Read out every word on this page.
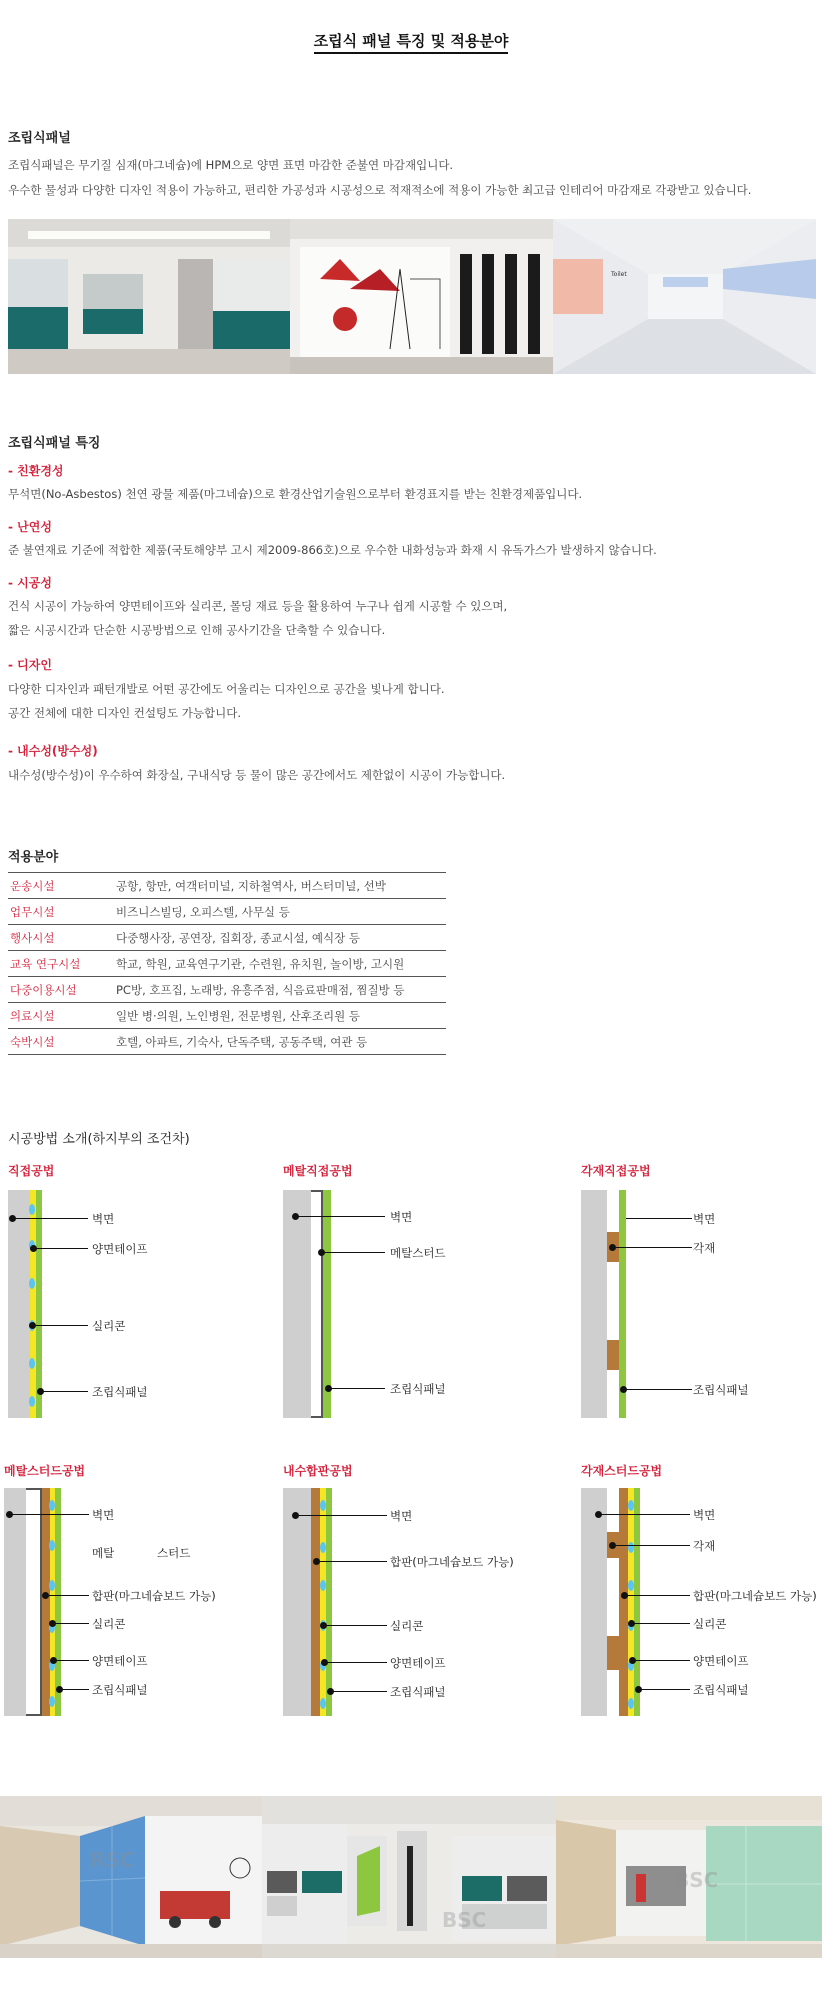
조립식 패널 특징 및 적용분야
조립식패널
조립식패널은 무기질 심재(마그네슘)에 HPM으로 양면 표면 마감한 준불연 마감재입니다.
우수한 물성과 다양한 디자인 적용이 가능하고, 편리한 가공성과 시공성으로 적재적소에 적용이 가능한 최고급 인테리어 마감재로 각광받고 있습니다.
Toilet
조립식패널 특징
- 친환경성
무석면(No-Asbestos) 천연 광물 제품(마그네슘)으로 환경산업기술원으로부터 환경표지를 받는 친환경제품입니다.
- 난연성
준 불연재료 기준에 적합한 제품(국토해양부 고시 제2009-866호)으로 우수한 내화성능과 화재 시 유독가스가 발생하지 않습니다.
- 시공성
건식 시공이 가능하여 양면테이프와 실리콘, 몰딩 재료 등을 활용하여 누구나 쉽게 시공할 수 있으며,
짧은 시공시간과 단순한 시공방법으로 인해 공사기간을 단축할 수 있습니다.
- 디자인
다양한 디자인과 패턴개발로 어떤 공간에도 어울리는 디자인으로 공간을 빛나게 합니다.
공간 전체에 대한 디자인 컨설팅도 가능합니다.
- 내수성(방수성)
내수성(방수성)이 우수하여 화장실, 구내식당 등 물이 많은 공간에서도 제한없이 시공이 가능합니다.
적용분야
운송시설	공항, 항만, 여객터미널, 지하철역사, 버스터미널, 선박
업무시설	비즈니스빌딩, 오피스텔, 사무실 등
행사시설	다중행사장, 공연장, 집회장, 종교시설, 예식장 등
교육 연구시설	학교, 학원, 교육연구기관, 수련원, 유치원, 놀이방, 고시원
다중이용시설	PC방, 호프집, 노래방, 유흥주점, 식음료판매점, 찜질방 등
의료시설	일반 병·의원, 노인병원, 전문병원, 산후조리원 등
숙박시설	호텔, 아파트, 기숙사, 단독주택, 공동주택, 여관 등
시공방법 소개(하지부의 조건차)
직접공법
벽면
양면테이프
실리콘
조립식패널
메탈직접공법
벽면
메탈스터드
조립식패널
각재직접공법
벽면
각재
조립식패널
메탈스터드공법
벽면
메탈	스터드
합판(마그네슘보드 가능)
실리콘
양면테이프
조립식패널
내수합판공법
벽면
합판(마그네슘보드 가능)
실리콘
양면테이프
조립식패널
각재스터드공법
벽면
각재
합판(마그네슘보드 가능)
실리콘
양면테이프
조립식패널
RSC
BSC
BSC
